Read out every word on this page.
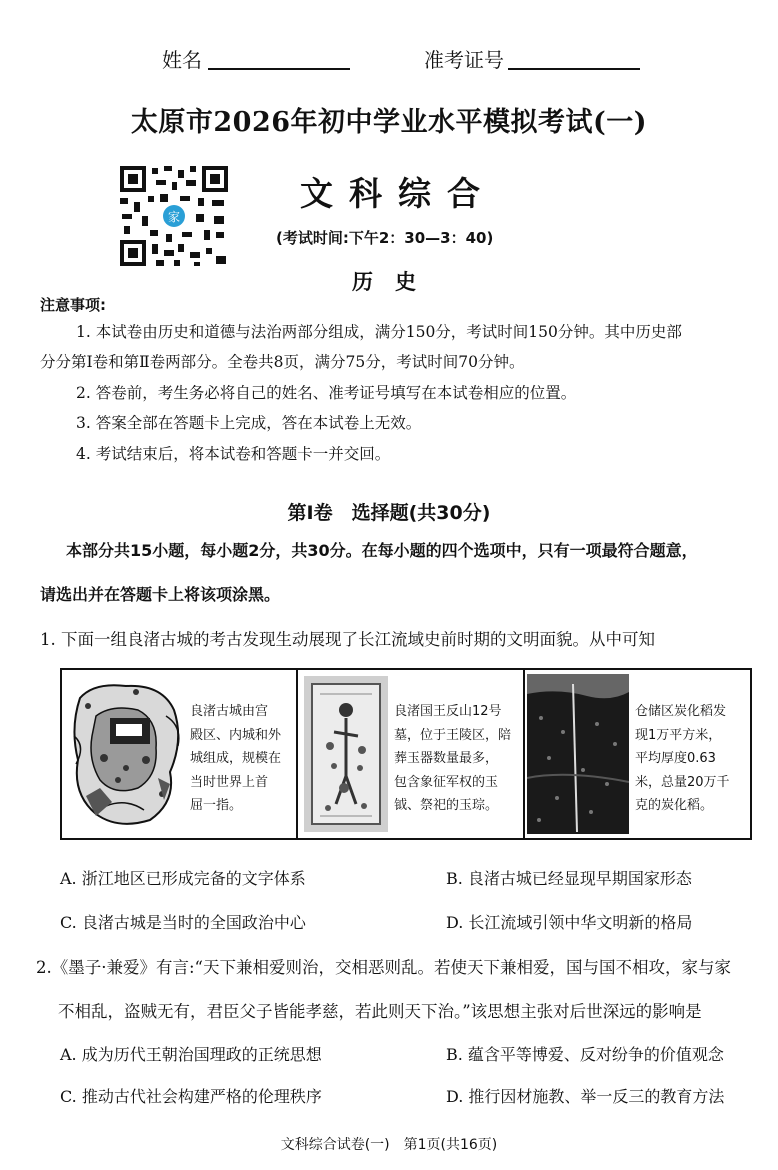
姓名	准考证号
太原市2026年初中学业水平模拟考试(一)
家
文科综合
(考试时间:下午2：30—3：40)
历史
注意事项:
1. 本试卷由历史和道德与法治两部分组成，满分150分，考试时间150分钟。其中历史部
分分第Ⅰ卷和第Ⅱ卷两部分。全卷共8页，满分75分，考试时间70分钟。
2. 答卷前，考生务必将自己的姓名、准考证号填写在本试卷相应的位置。
3. 答案全部在答题卡上完成，答在本试卷上无效。
4. 考试结束后，将本试卷和答题卡一并交回。
第Ⅰ卷　选择题(共30分)
本部分共15小题，每小题2分，共30分。在每小题的四个选项中，只有一项最符合题意，
请选出并在答题卡上将该项涂黑。
1. 下面一组良渚古城的考古发现生动展现了长江流域史前时期的文明面貌。从中可知
良渚古城由宫
殿区、内城和外
城组成，规模在
当时世界上首
屈一指。
良渚国王反山12号
墓，位于王陵区，陪
葬玉器数量最多，
包含象征军权的玉
钺、祭祀的玉琮。
仓储区炭化稻发
现1万平方米，
平均厚度0.63
米，总量20万千
克的炭化稻。
A. 浙江地区已形成完备的文字体系	B. 良渚古城已经显现早期国家形态
C. 良渚古城是当时的全国政治中心	D. 长江流域引领中华文明新的格局
2.《墨子·兼爱》有言:“天下兼相爱则治，交相恶则乱。若使天下兼相爱，国与国不相攻，家与家
不相乱，盗贼无有，君臣父子皆能孝慈，若此则天下治。”该思想主张对后世深远的影响是
A. 成为历代王朝治国理政的正统思想	B. 蕴含平等博爱、反对纷争的价值观念
C. 推动古代社会构建严格的伦理秩序	D. 推行因材施教、举一反三的教育方法
文科综合试卷(一)　第1页(共16页)
